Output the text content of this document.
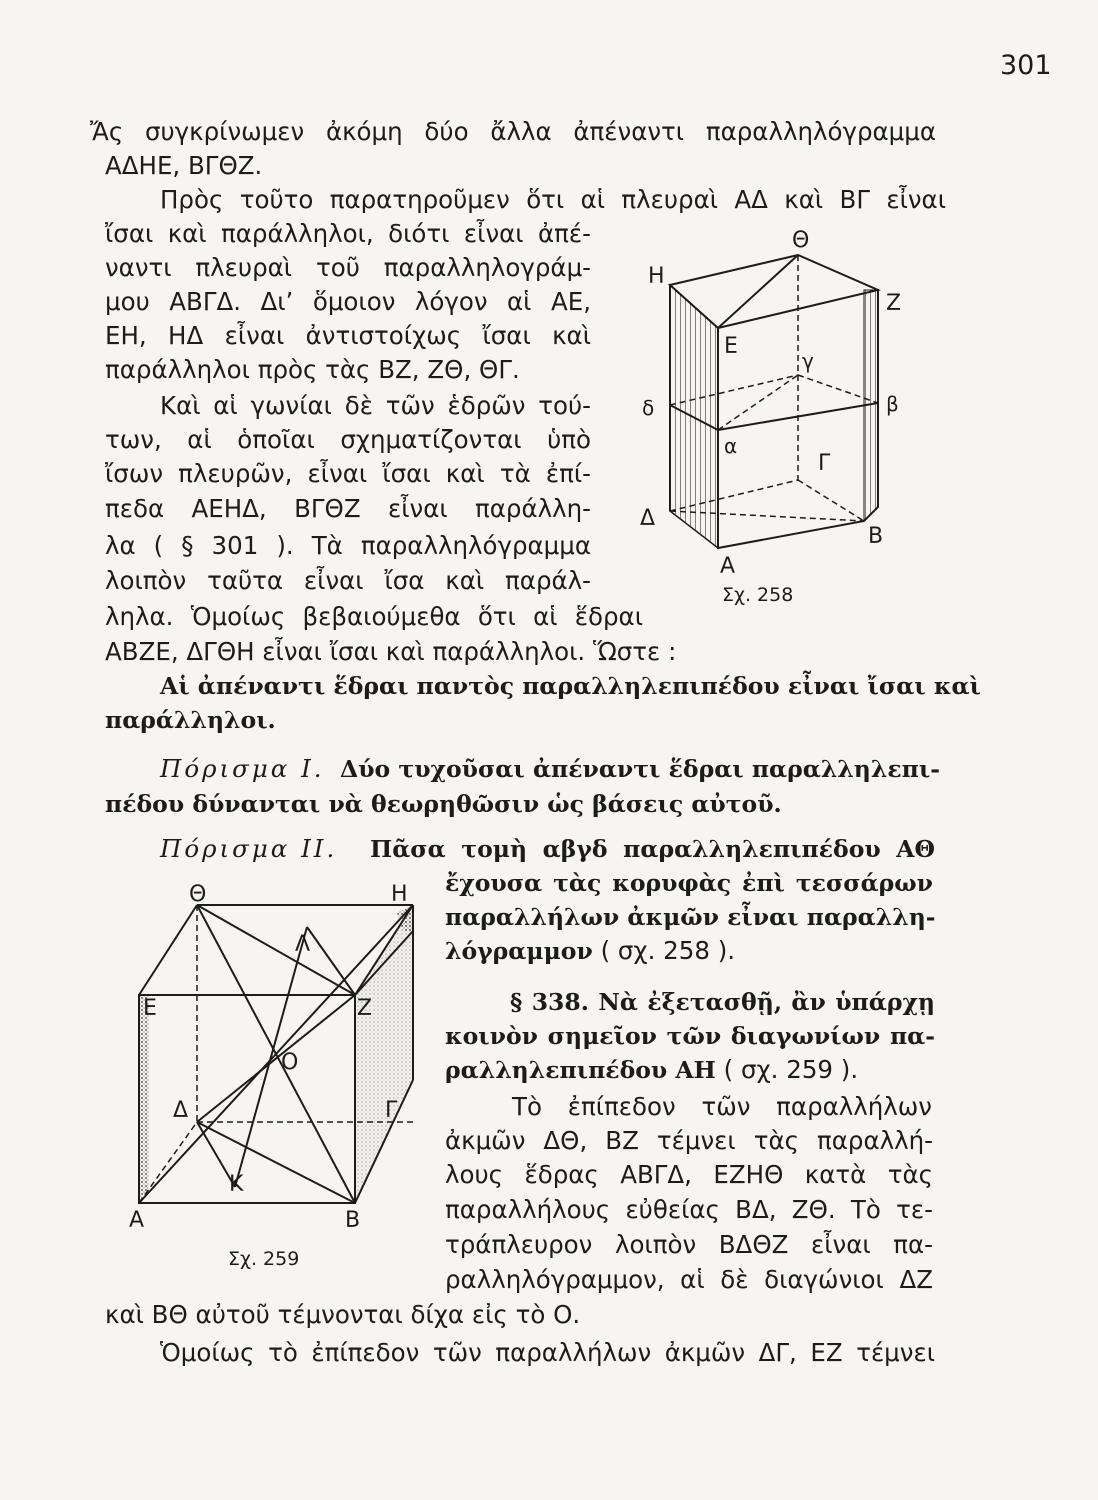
301
Ἄς συγκρίνωμεν ἀκόμη δύο ἄλλα ἀπέναντι παραλληλόγραμμα
ΑΔΗΕ, ΒΓΘΖ.
Πρὸς τοῦτο παρατηροῦμεν ὅτι αἱ πλευραὶ ΑΔ καὶ ΒΓ εἶναι
ἴσαι καὶ παράλληλοι, διότι εἶναι ἀπέ-
ναντι πλευραὶ τοῦ παραλληλογράμ-
μου ΑΒΓΔ. Δι’ ὅμοιον λόγον αἱ ΑΕ,
ΕΗ, ΗΔ εἶναι ἀντιστοίχως ἴσαι καὶ
παράλληλοι πρὸς τὰς ΒΖ, ΖΘ, ΘΓ.
Καὶ αἱ γωνίαι δὲ τῶν ἑδρῶν τού-
των, αἱ ὁποῖαι σχηματίζονται ὑπὸ
ἴσων πλευρῶν, εἶναι ἴσαι καὶ τὰ ἐπί-
πεδα ΑΕΗΔ, ΒΓΘΖ εἶναι παράλλη-
λα ( § 301 ). Τὰ παραλληλόγραμμα
λοιπὸν ταῦτα εἶναι ἴσα καὶ παράλ-
ληλα. Ὁμοίως βεβαιούμεθα ὅτι αἱ ἕδραι
ΑΒΖΕ, ΔΓΘΗ εἶναι ἴσαι καὶ παράλληλοι. Ὥστε :
Αἱ ἀπέναντι ἕδραι παντὸς παραλληλεπιπέδου εἶναι ἴσαι καὶ
παράλληλοι.
Πόρισμα I. Δύο τυχοῦσαι ἀπέναντι ἕδραι παραλληλεπι-
πέδου δύνανται νὰ θεωρηθῶσιν ὡς βάσεις αὐτοῦ.
Πόρισμα II. Πᾶσα τομὴ αβγδ παραλληλεπιπέδου ΑΘ
ἔχουσα τὰς κορυφὰς ἐπὶ τεσσάρων
παραλλήλων ἀκμῶν εἶναι παραλλη-
λόγραμμον ( σχ. 258 ).
§ 338. Νὰ ἐξετασθῇ, ἂν ὑπάρχῃ
κοινὸν σημεῖον τῶν διαγωνίων πα-
ραλληλεπιπέδου ΑΗ ( σχ. 259 ).
Τὸ ἐπίπεδον τῶν παραλλήλων
ἀκμῶν ΔΘ, ΒΖ τέμνει τὰς παραλλή-
λους ἕδρας ΑΒΓΔ, ΕΖΗΘ κατὰ τὰς
παραλλήλους εὐθείας ΒΔ, ΖΘ. Τὸ τε-
τράπλευρον λοιπὸν ΒΔΘΖ εἶναι πα-
ραλληλόγραμμον, αἱ δὲ διαγώνιοι ΔΖ
καὶ ΒΘ αὐτοῦ τέμνονται δίχα εἰς τὸ Ο.
Ὁμοίως τὸ ἐπίπεδον τῶν παραλλήλων ἀκμῶν ΔΓ, ΕΖ τέμνει
Θ
Η
Ζ
Ε
γ
δ	β
α
Γ
Δ
Β
Α
Σχ. 258
Θ	Η
Λ
Ε	Ζ
Ο
Δ	Γ
Κ
Α	Β
Σχ. 259
